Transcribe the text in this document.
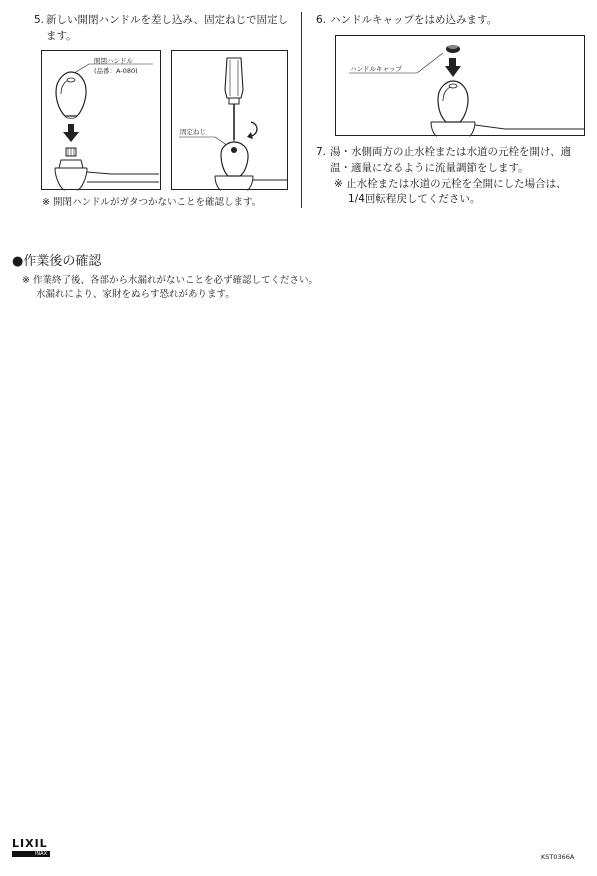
5. 新しい開閉ハンドルを差し込み、固定ねじで固定し
ます。
開閉ハンドル
(品番：A-080)
固定ねじ
※ 開閉ハンドルがガタつかないことを確認します。
6. ハンドルキャップをはめ込みます。
ハンドルキャップ
7. 湯・水側両方の止水栓または水道の元栓を開け、適
温・適量になるように流量調節をします。
※ 止水栓または水道の元栓を全開にした場合は、
1/4回転程戻してください。
●作業後の確認
※ 作業終了後、各部から水漏れがないことを必ず確認してください。
水漏れにより、家財をぬらす恐れがあります。
LIXIL
INAX	KST0366A
